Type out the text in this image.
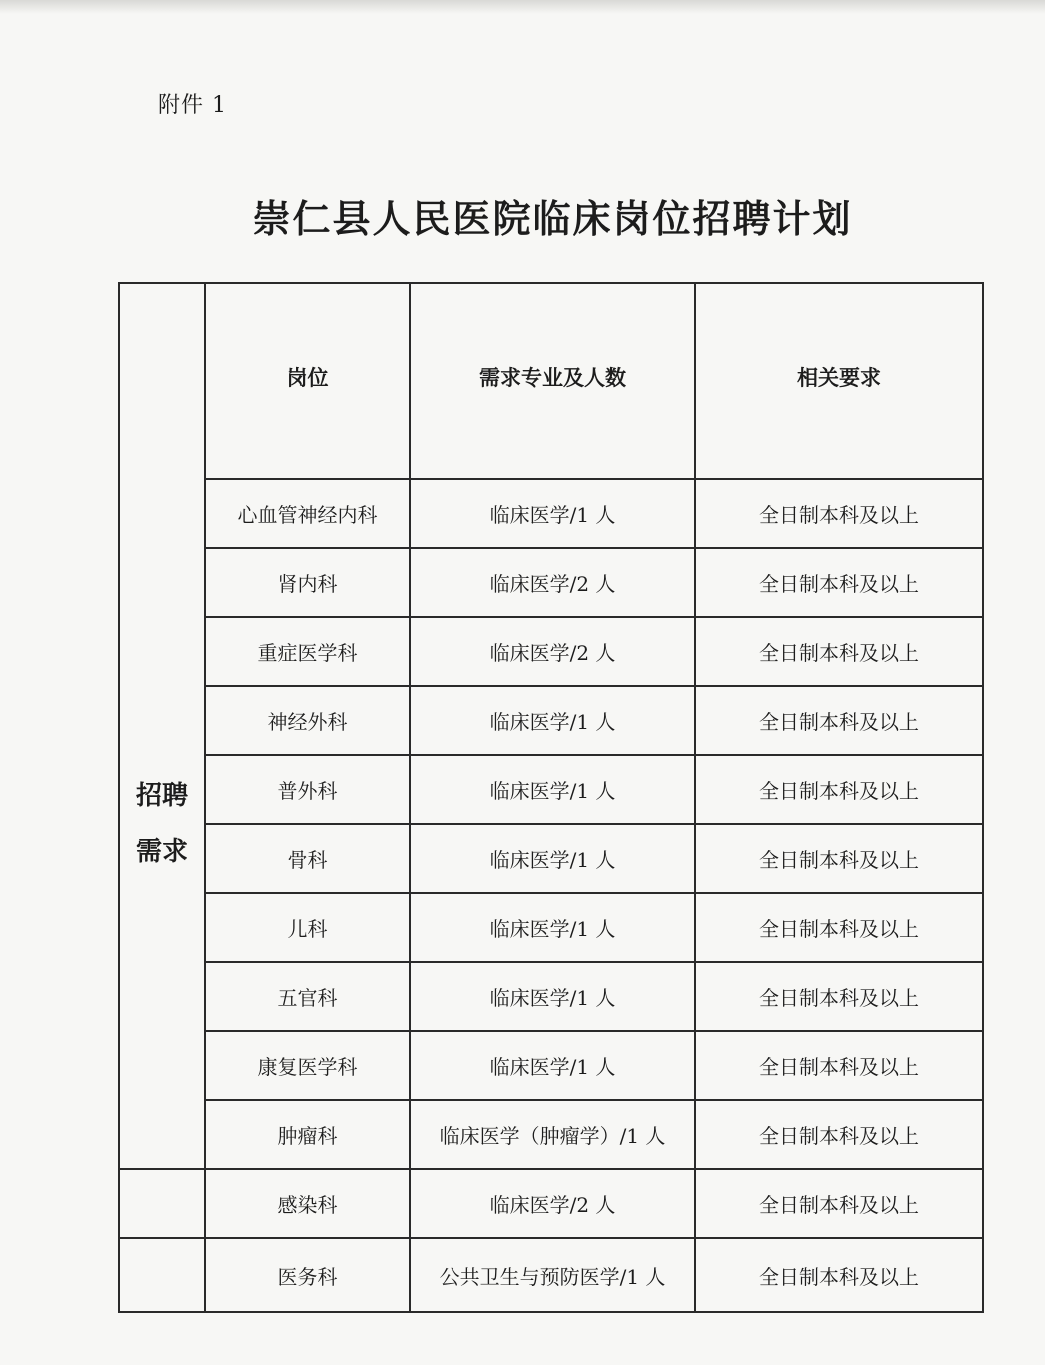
附件 1
崇仁县人民医院临床岗位招聘计划
	岗位	需求专业及人数	相关要求

招聘
需求	心血管神经内科	临床医学/1 人	全日制本科及以上
	肾内科	临床医学/2 人	全日制本科及以上
	重症医学科	临床医学/2 人	全日制本科及以上
	神经外科	临床医学/1 人	全日制本科及以上
	普外科	临床医学/1 人	全日制本科及以上
	骨科	临床医学/1 人	全日制本科及以上
	儿科	临床医学/1 人	全日制本科及以上
	五官科	临床医学/1 人	全日制本科及以上
	康复医学科	临床医学/1 人	全日制本科及以上
	肿瘤科	临床医学（肿瘤学）/1 人	全日制本科及以上
	感染科	临床医学/2 人	全日制本科及以上
	医务科	公共卫生与预防医学/1 人	全日制本科及以上
